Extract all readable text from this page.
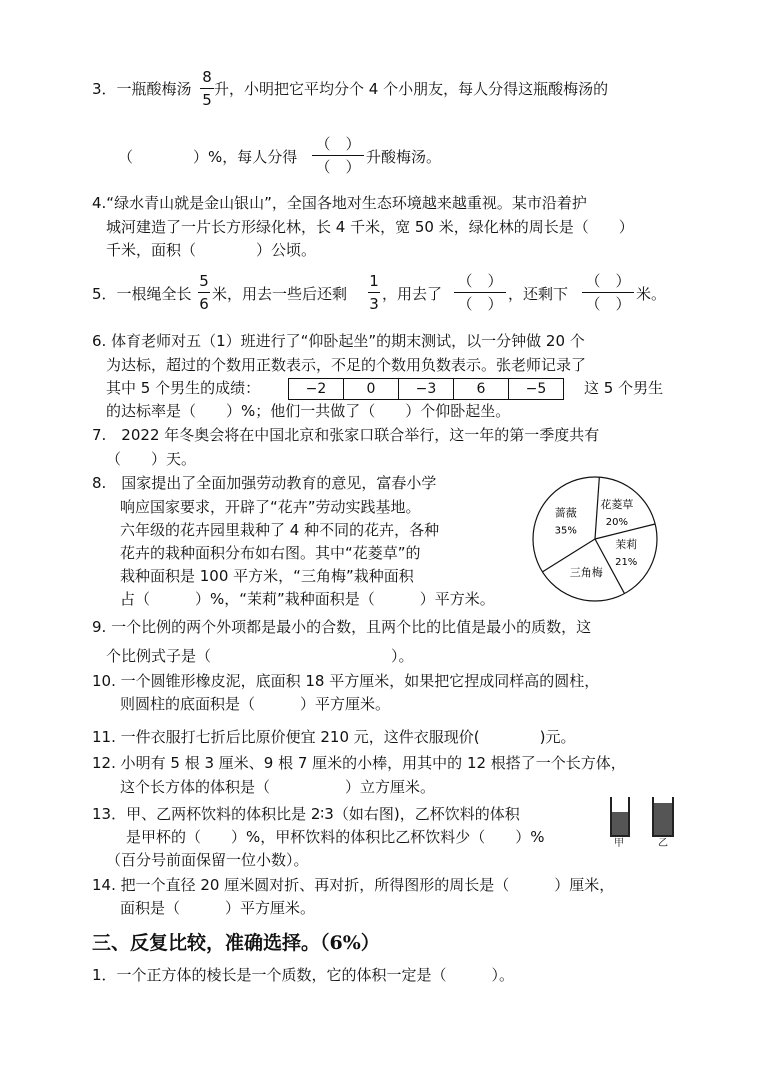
3．一瓶酸梅汤
8
5
升，小明把它平均分个 4 个小朋友，每人分得这瓶酸梅汤的
（　　　　）%，每人分得
（　）
（　）
升酸梅汤。
4.“绿水青山就是金山银山”，全国各地对生态环境越来越重视。某市沿着护
城河建造了一片长方形绿化林，长 4 千米，宽 50 米，绿化林的周长是（　　）
千米，面积（　　　　）公顷。
5．一根绳全长
5
6
米，用去一些后还剩
1
3
，用去了
（　）
（　）
，还剩下
（　）
（　）
米。
6. 体育老师对五（1）班进行了“仰卧起坐”的期末测试，以一分钟做 20 个
为达标，超过的个数用正数表示，不足的个数用负数表示。张老师记录了
其中 5 个男生的成绩：	−2	0	−3	6	−5	这 5 个男生
的达标率是（　　）%；他们一共做了（　　）个仰卧起坐。
7.　2022 年冬奥会将在中国北京和张家口联合举行，这一年的第一季度共有
（　　）天。
8.　国家提出了全面加强劳动教育的意见，富春小学
响应国家要求，开辟了“花卉”劳动实践基地。
六年级的花卉园里栽种了 4 种不同的花卉，各种
花卉的栽种面积分布如右图。其中“花菱草”的
栽种面积是 100 平方米，“三角梅”栽种面积
占（　　　）%，“茉莉”栽种面积是（　　　）平方米。
花菱草
20%
茉莉
21%
三角梅
蔷薇
35%
9. 一个比例的两个外项都是最小的合数，且两个比的比值是最小的质数，这
个比例式子是（　　　　　　　　　　　　）。
10. 一个圆锥形橡皮泥，底面积 18 平方厘米，如果把它捏成同样高的圆柱，
则圆柱的底面积是（　　　）平方厘米。
11. 一件衣服打七折后比原价便宜 210 元，这件衣服现价(　　　　)元。
12. 小明有 5 根 3 厘米、9 根 7 厘米的小棒，用其中的 12 根搭了一个长方体，
这个长方体的体积是（　　　　　）立方厘米。
13．甲、乙两杯饮料的体积比是 2∶3（如右图)，乙杯饮料的体积
是甲杯的（　　）%，甲杯饮料的体积比乙杯饮料少（　　）%
（百分号前面保留一位小数）。
甲	乙
14. 把一个直径 20 厘米圆对折、再对折，所得图形的周长是（　　　）厘米，
面积是（　　　）平方厘米。
三、反复比较，准确选择。（6%）
1．一个正方体的棱长是一个质数，它的体积一定是（　　　）。
